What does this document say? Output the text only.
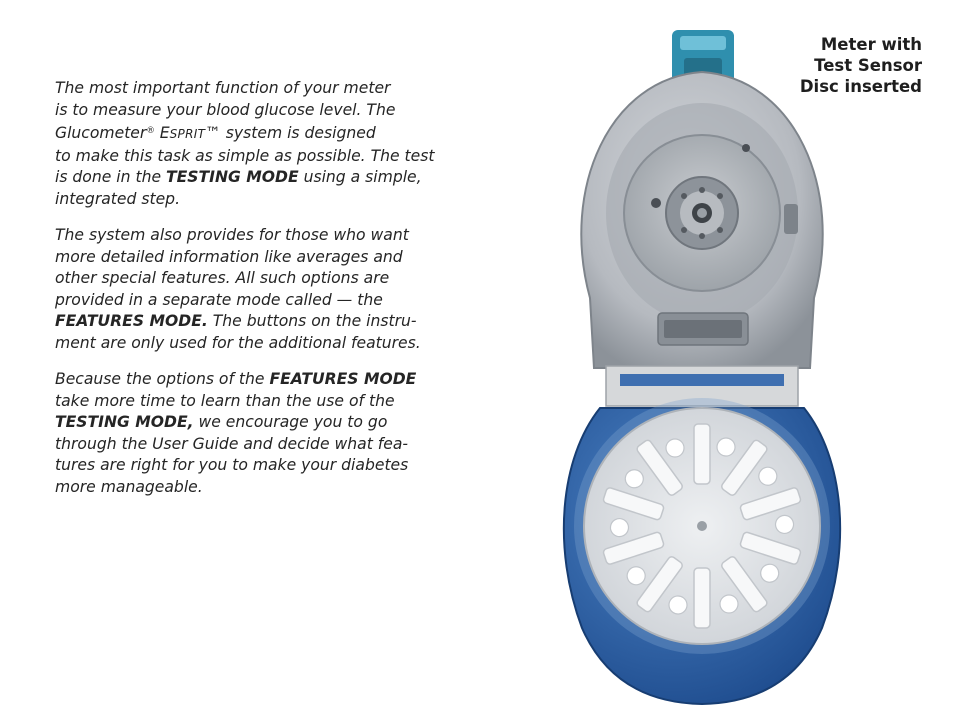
The most important function of your meter
is to measure your blood glucose level. The
Glucometer® ESPRIT™ system is designed
to make this task as simple as possible. The test
is done in the TESTING MODE using a simple,
integrated step.

The system also provides for those who want
more detailed information like averages and
other special features. All such options are
provided in a separate mode called — the
FEATURES MODE. The buttons on the instru-
ment are only used for the additional features.

Because the options of the FEATURES MODE
take more time to learn than the use of the
TESTING MODE, we encourage you to go
through the User Guide and decide what fea-
tures are right for you to make your diabetes
more manageable.

Meter with
Test Sensor
Disc inserted
